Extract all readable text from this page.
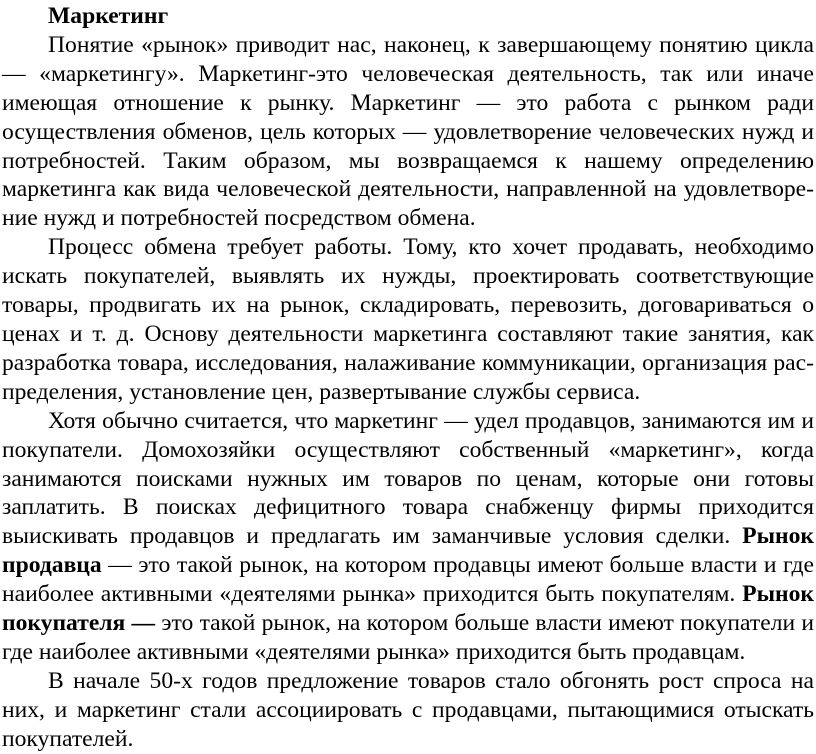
Маркетинг

Понятие «рынок» приводит нас, наконец, к завершающему понятию цикла — «маркетингу». Маркетинг-это человеческая деятельность, так или иначе имеющая отношение к рынку. Маркетинг — это работа с рынком ради осуществления обменов, цель которых — удовлетворение человеческих нужд и потребностей. Таким образом, мы возвращаемся к нашему определению маркетинга как вида человеческой деятельности, направленной на удовлетворение нужд и потребностей посредством обмена.

Процесс обмена требует работы. Тому, кто хочет продавать, необходимо искать покупателей, выявлять их нужды, проектировать соответствующие товары, продвигать их на рынок, складировать, перевозить, договариваться о ценах и т. д. Основу деятельности маркетинга составляют такие занятия, как разработка товара, исследования, налаживание коммуникации, организация распределения, установление цен, развертывание службы сервиса.

Хотя обычно считается, что маркетинг — удел продавцов, занимаются им и покупатели. Домохозяйки осуществляют собственный «маркетинг», когда занимаются поисками нужных им товаров по ценам, которые они готовы заплатить. В поисках дефицитного товара снабженцу фирмы приходится выискивать продавцов и предлагать им заманчивые условия сделки. Рынок продавца — это такой рынок, на котором продавцы имеют больше власти и где наиболее активными «деятелями рынка» приходится быть покупателям. Рынок покупателя — это такой рынок, на котором больше власти имеют покупатели и где наиболее активными «деятелями рынка» приходится быть продавцам.

В начале 50-х годов предложение товаров стало обгонять рост спроса на них, и маркетинг стали ассоциировать с продавцами, пытающимися отыскать покупателей.
